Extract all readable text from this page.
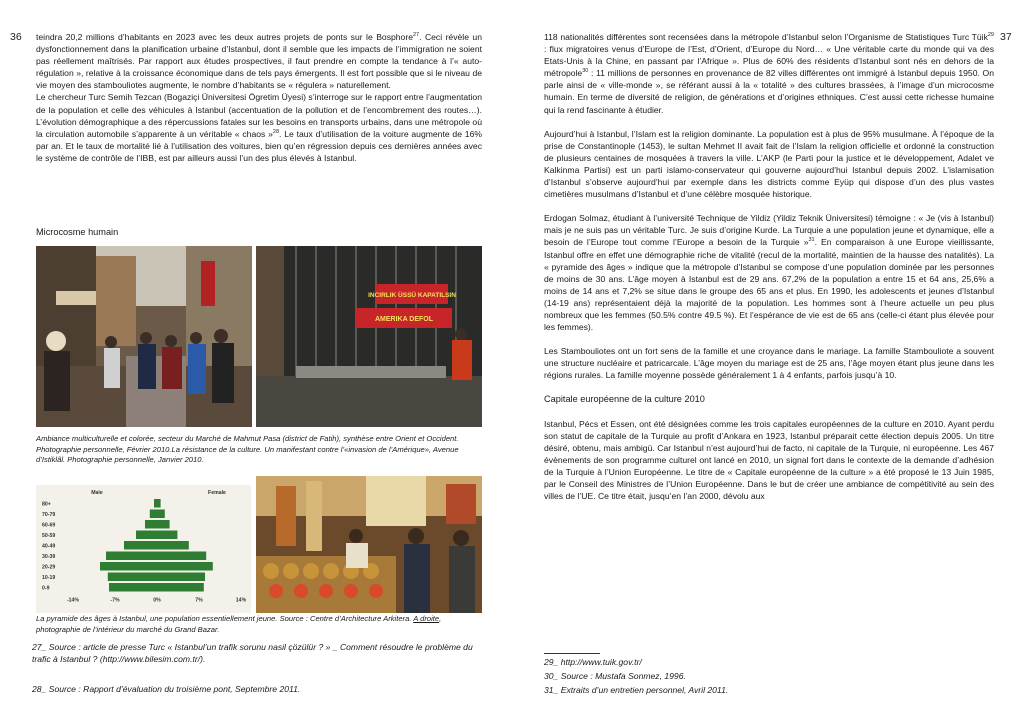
36 teindra 20,2 millions d’habitants en 2023 avec les deux autres projets de ponts sur le Bosphore$^{27}$. Ceci révèle un dysfonctionnement dans la planification urbaine d’Istanbul, dont il semble que les impacts de l’immigration ne soient pas réellement maîtrisés. Par rapport aux études prospectives, il faut prendre en compte la tendance à l’« auto-régulation », relative à la croissance économique dans de tels pays émergents. Il est fort possible que si le niveau de vie moyen des stambouliotes augmente, le nombre d’habitants se « régulera » naturellement.

Le chercheur Turc Semih Tezcan (Bogaziçi Üniversitesi Ögretim Üyesi) s’interroge sur le rapport entre l’augmentation de la population et celle des véhicules à Istanbul (accentuation de la pollution et de l’encombrement des routes…). L’évolution démographique a des répercussions fatales sur les besoins en transports urbains, dans une métropole où la circulation automobile s’apparente à un véritable « chaos »$^{28}$. Le taux d’utilisation de la voiture augmente de 16% par an. Et le taux de mortalité lié à l’utilisation des voitures, bien qu’en régression depuis ces dernières années avec le système de contrôle de l’IBB, est par ailleurs aussi l’un des plus élevés à Istanbul.

Microcosme humain
INCIRLIK ÜSSÜ KAPATILSIN
AMERIKA DEFOL
Ambiance multiculturelle et colorée, secteur du Marché de Mahmut Pasa (district de Fatih), synthèse entre Orient et Occident. Photographie personnelle, Février 2010.La résistance de la culture. Un manifestant contre l’«invasion de l’Amérique», Avenue d’Istiklâl. Photographie personnelle, Janvier 2010.
Male	Female
80+
70-79
60-69
50-59
40-49
30-39
20-29
10-19
0-9
-14%	-7%	0%	7%	14%
La pyramide des âges à Istanbul, une population essentiellement jeune. Source : Centre d’Architecture Arkitera. A droite, photographie de l’intérieur du marché du Grand Bazar.
27_ Source : article de presse Turc « Istanbul’un trafik sorunu nasil çözülür ? » _ Comment résoudre le problème du trafic à Istanbul ? (http://www.bilesim.com.tr/).
28_ Source : Rapport d’évaluation du troisième pont, Septembre 2011.
37

118 nationalités différentes sont recensées dans la métropole d’Istanbul selon l’Organisme de Statistiques Turc Tüik$^{29}$ : flux migratoires venus d’Europe de l’Est, d’Orient, d’Europe du Nord… « Une véritable carte du monde qui va des Etats-Unis à la Chine, en passant par l’Afrique ». Plus de 60% des résidents d’Istanbul sont nés en dehors de la métropole$^{30}$ : 11 millions de personnes en provenance de 82 villes différentes ont immigré à Istanbul depuis 1950. On parle ainsi de « ville-monde », se référant aussi à la « totalité » des cultures brassées, à l’image d’un microcosme humain. En terme de diversité de religion, de générations et d’origines ethniques. C’est aussi cette richesse humaine qui la rend fascinante à étudier.

Aujourd’hui à Istanbul, l’Islam est la religion dominante. La population est à plus de 95% musulmane. À l’époque de la prise de Constantinople (1453), le sultan Mehmet II avait fait de l’Islam la religion officielle et ordonné la construction de plusieurs centaines de mosquées à travers la ville. L’AKP (le Parti pour la justice et le développement, Adalet ve Kalkinma Partisi) est un parti islamo-conservateur qui gouverne aujourd’hui Istanbul depuis 2002. L’islamisation d’Istanbul s’observe aujourd’hui par exemple dans les districts comme Eyüp qui dispose d’un des plus vastes cimetières musulmans d’Istanbul et d’une célèbre mosquée historique.

Erdogan Solmaz, étudiant à l’université Technique de Yildiz (Yildiz Teknik Üniversitesi) témoigne : « Je (vis à Istanbul) mais je ne suis pas un véritable Turc. Je suis d’origine Kurde. La Turquie a une population jeune et dynamique, elle a besoin de l’Europe tout comme l’Europe a besoin de la Turquie »$^{31}$. En comparaison à une Europe vieillissante, Istanbul offre en effet une démographie riche de vitalité (recul de la mortalité, maintien de la hausse des natalités). La « pyramide des âges » indique que la métropole d’Istanbul se compose d’une population dominée par les personnes de moins de 30 ans. L’âge moyen à Istanbul est de 29 ans. 67,2% de la population a entre 15 et 64 ans, 25,6% a moins de 14 ans et 7,2% se situe dans le groupe des 65 ans et plus. En 1990, les adolescents et jeunes d’Istanbul (14-19 ans) représentaient déjà la majorité de la population. Les hommes sont à l’heure actuelle un peu plus nombreux que les femmes (50.5% contre 49.5 %). Et l’espérance de vie est de 65 ans (celle-ci étant plus élevée pour les femmes).

Les Stambouliotes ont un fort sens de la famille et une croyance dans le mariage. La famille Stambouliote a souvent une structure nucléaire et patricarcale. L’âge moyen du mariage est de 25 ans, l’âge moyen étant plus jeune dans les régions rurales. La famille moyenne possède généralement 1 à 4 enfants, parfois jusqu’à 10.

Capitale européenne de la culture 2010

Istanbul, Pécs et Essen, ont été désignées comme les trois capitales européennes de la culture en 2010. Ayant perdu son statut de capitale de la Turquie au profit d’Ankara en 1923, Istanbul préparait cette élection depuis 2005. Un titre désiré, obtenu, mais ambigü. Car Istanbul n’est aujourd’hui de facto, ni capitale de la Turquie, ni européenne. Les 467 évènements de son programme culturel ont lancé en 2010, un signal fort dans le contexte de la demande d’adhésion de la Turquie à l’Union Européenne. Le titre de « Capitale européenne de la culture » a été proposé le 13 Juin 1985, par le Conseil des Ministres de l’Union Européenne. Dans le but de créer une ambiance de compétitivité au sein des villes de l’UE. Ce titre était, jusqu’en l’an 2000, dévolu aux

29_ http://www.tuik.gov.tr/
30_ Source : Mustafa Sonmez, 1996.
31_ Extraits d’un entretien personnel, Avril 2011.
